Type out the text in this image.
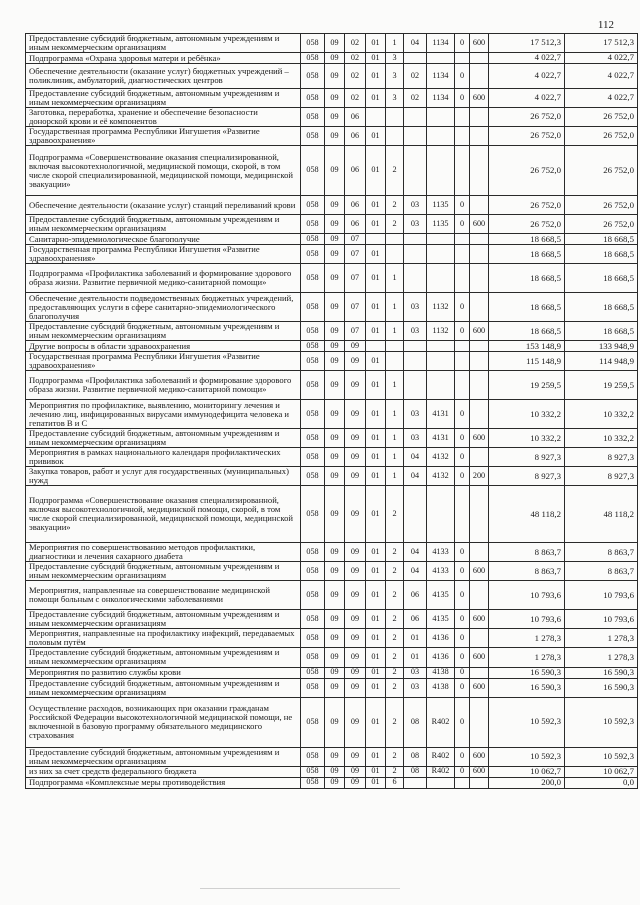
112
Предоставление субсидий бюджетным, автономным учреждениям и иным некоммерческим организациям	058	09	02	01	1	04	1134	0	600	17 512,3	17 512,3
Подпрограмма «Охрана здоровья матери и ребёнка»	058	09	02	01	3					4 022,7	4 022,7
Обеспечение деятельности (оказание услуг) бюджетных учреждений – поликлиник, амбулаторий, диагностических центров	058	09	02	01	3	02	1134	0		4 022,7	4 022,7
Предоставление субсидий бюджетным, автономным учреждениям и иным некоммерческим организациям	058	09	02	01	3	02	1134	0	600	4 022,7	4 022,7
Заготовка, переработка, хранение и обеспечение безопасности донорской крови и её компонентов	058	09	06							26 752,0	26 752,0
Государственная программа Республики Ингушетия «Развитие здравоохранения»	058	09	06	01						26 752,0	26 752,0
Подпрограмма «Совершенствование оказания специализированной, включая высокотехнологичной, медицинской помощи, скорой, в том числе скорой специализированной, медицинской помощи, медицинской эвакуации»	058	09	06	01	2					26 752,0	26 752,0
Обеспечение деятельности (оказание услуг) станций переливаний крови	058	09	06	01	2	03	1135	0		26 752,0	26 752,0
Предоставление субсидий бюджетным, автономным учреждениям и иным некоммерческим организациям	058	09	06	01	2	03	1135	0	600	26 752,0	26 752,0
Санитарно-эпидемиологическое благополучие	058	09	07							18 668,5	18 668,5
Государственная программа Республики Ингушетия «Развитие здравоохранения»	058	09	07	01						18 668,5	18 668,5
Подпрограмма «Профилактика заболеваний и формирование здорового образа жизни. Развитие первичной медико-санитарной помощи»	058	09	07	01	1					18 668,5	18 668,5
Обеспечение деятельности подведомственных бюджетных учреждений, предоставляющих услуги в сфере санитарно-эпидемиологического благополучия	058	09	07	01	1	03	1132	0		18 668,5	18 668,5
Предоставление субсидий бюджетным, автономным учреждениям и иным некоммерческим организациям	058	09	07	01	1	03	1132	0	600	18 668,5	18 668,5
Другие вопросы в области здравоохранения	058	09	09							153 148,9	133 948,9
Государственная программа Республики Ингушетия «Развитие здравоохранения»	058	09	09	01						115 148,9	114 948,9
Подпрограмма «Профилактика заболеваний и формирование здорового образа жизни. Развитие первичной медико-санитарной помощи»	058	09	09	01	1					19 259,5	19 259,5
Мероприятия по профилактике, выявлению, мониторингу лечения и лечению лиц, инфицированных вирусами иммунодефицита человека и гепатитов В и С	058	09	09	01	1	03	4131	0		10 332,2	10 332,2
Предоставление субсидий бюджетным, автономным учреждениям и иным некоммерческим организациям	058	09	09	01	1	03	4131	0	600	10 332,2	10 332,2
Мероприятия в рамках национального календаря профилактических прививок	058	09	09	01	1	04	4132	0		8 927,3	8 927,3
Закупка товаров, работ и услуг для государственных (муниципальных) нужд	058	09	09	01	1	04	4132	0	200	8 927,3	8 927,3
Подпрограмма «Совершенствование оказания специализированной, включая высокотехнологичной, медицинской помощи, скорой, в том числе скорой специализированной, медицинской помощи, медицинской эвакуации»	058	09	09	01	2					48 118,2	48 118,2
Мероприятия по совершенствованию методов профилактики, диагностики и лечения сахарного диабета	058	09	09	01	2	04	4133	0		8 863,7	8 863,7
Предоставление субсидий бюджетным, автономным учреждениям и иным некоммерческим организациям	058	09	09	01	2	04	4133	0	600	8 863,7	8 863,7
Мероприятия, направленные на совершенствование медицинской помощи больным с онкологическими заболеваниями	058	09	09	01	2	06	4135	0		10 793,6	10 793,6
Предоставление субсидий бюджетным, автономным учреждениям и иным некоммерческим организациям	058	09	09	01	2	06	4135	0	600	10 793,6	10 793,6
Мероприятия, направленные на профилактику инфекций, передаваемых половым путём	058	09	09	01	2	01	4136	0		1 278,3	1 278,3
Предоставление субсидий бюджетным, автономным учреждениям и иным некоммерческим организациям	058	09	09	01	2	01	4136	0	600	1 278,3	1 278,3
Мероприятия по развитию службы крови	058	09	09	01	2	03	4138	0		16 590,3	16 590,3
Предоставление субсидий бюджетным, автономным учреждениям и иным некоммерческим организациям	058	09	09	01	2	03	4138	0	600	16 590,3	16 590,3
Осуществление расходов, возникающих при оказании гражданам Российской Федерации высокотехнологичной медицинской помощи, не включенной в базовую программу обязательного медицинского страхования	058	09	09	01	2	08	R402	0		10 592,3	10 592,3
Предоставление субсидий бюджетным, автономным учреждениям и иным некоммерческим организациям	058	09	09	01	2	08	R402	0	600	10 592,3	10 592,3
из них за счет средств федерального бюджета	058	09	09	01	2	08	R402	0	600	10 062,7	10 062,7
Подпрограмма «Комплексные меры противодействия	058	09	09	01	6					200,0	0,0
